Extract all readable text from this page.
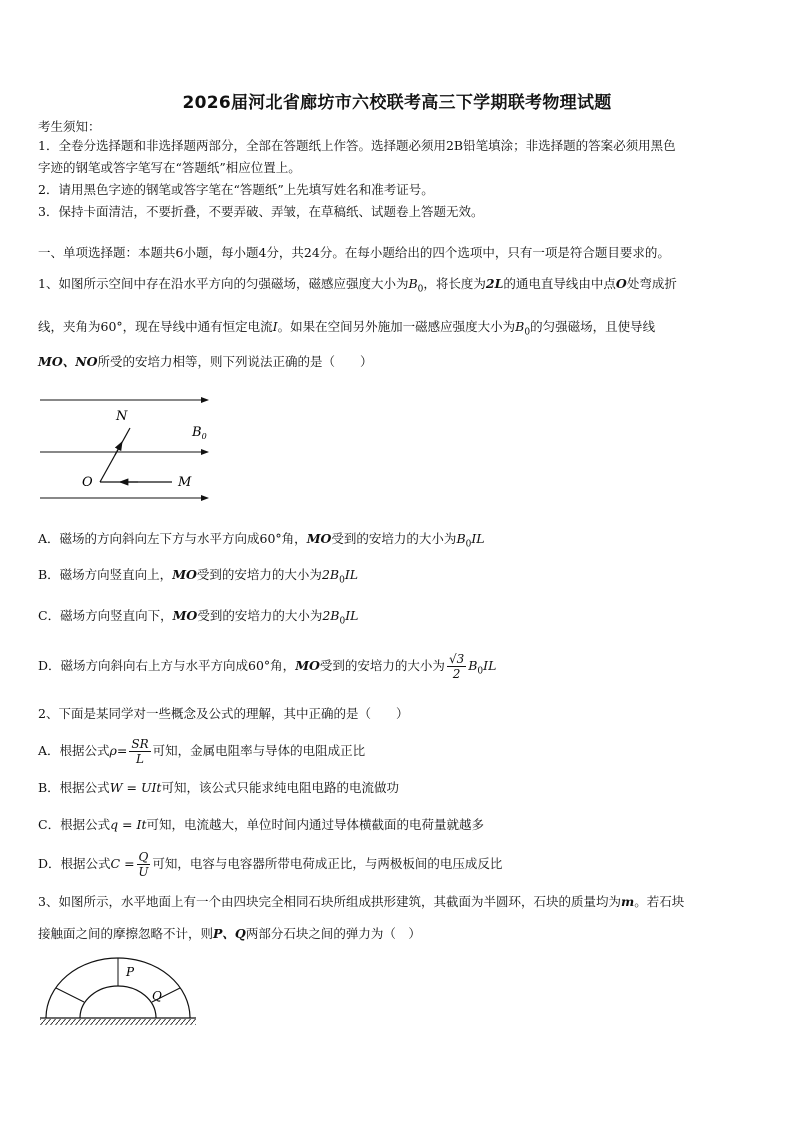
2026届河北省廊坊市六校联考高三下学期联考物理试题
考生须知：
1．全卷分选择题和非选择题两部分，全部在答题纸上作答。选择题必须用2B铅笔填涂；非选择题的答案必须用黑色
字迹的钢笔或答字笔写在“答题纸”相应位置上。
2．请用黑色字迹的钢笔或答字笔在“答题纸”上先填写姓名和准考证号。
3．保持卡面清洁，不要折叠，不要弄破、弄皱，在草稿纸、试题卷上答题无效。
一、单项选择题：本题共6小题，每小题4分，共24分。在每小题给出的四个选项中，只有一项是符合题目要求的。
1、如图所示空间中存在沿水平方向的匀强磁场，磁感应强度大小为$B_0$，将长度为2L的通电直导线由中点O处弯成折
线，夹角为60°，现在导线中通有恒定电流I。如果在空间另外施加一磁感应强度大小为$B_0$的匀强磁场，且使导线
MO、NO所受的安培力相等，则下列说法正确的是（　　）
N
$B_0$
O	M
A．磁场的方向斜向左下方与水平方向成60°角，MO受到的安培力的大小为$B_0IL$
B．磁场方向竖直向上，MO受到的安培力的大小为$2B_0IL$
C．磁场方向竖直向下，MO受到的安培力的大小为$2B_0IL$
D．磁场方向斜向右上方与水平方向成60°角，MO受到的安培力的大小为 $\frac{√3}{2} B_0IL$
2、下面是某同学对一些概念及公式的理解，其中正确的是（　　）
A．根据公式$\rho= \frac{SR}{L}$ 可知，金属电阻率与导体的电阻成正比
B．根据公式W = UIt可知，该公式只能求纯电阻电路的电流做功
C．根据公式q = It可知，电流越大，单位时间内通过导体横截面的电荷量就越多
D．根据公式$C = \frac{Q}{U}$ 可知，电容与电容器所带电荷成正比，与两极板间的电压成反比
3、如图所示，水平地面上有一个由四块完全相同石块所组成拱形建筑，其截面为半圆环，石块的质量均为m。若石块
接触面之间的摩擦忽略不计，则P、Q两部分石块之间的弹力为（　）
P
Q
